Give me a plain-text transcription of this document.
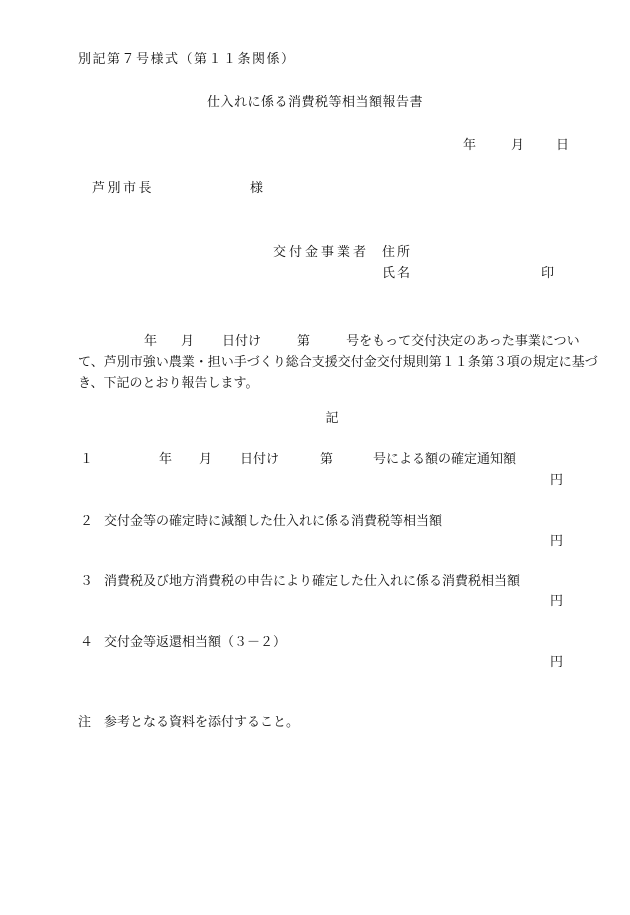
別記第７号様式（第１１条関係）
仕入れに係る消費税等相当額報告書
年	月 日
芦別市長	様
交付金事業者 住所
氏名	印
年 月 日付け	第	号をもって交付決定のあった事業について、芦別市強い農業・担い手づくり総合支援交付金交付規則第１１条第３項の規定に基づき、下記のとおり報告します。
記
１	年 月 日付け	第	号による額の確定通知額
円
２ 交付金等の確定時に減額した仕入れに係る消費税等相当額
円
３ 消費税及び地方消費税の申告により確定した仕入れに係る消費税相当額
円
４ 交付金等返還相当額（３－２）
円
注　参考となる資料を添付すること。
